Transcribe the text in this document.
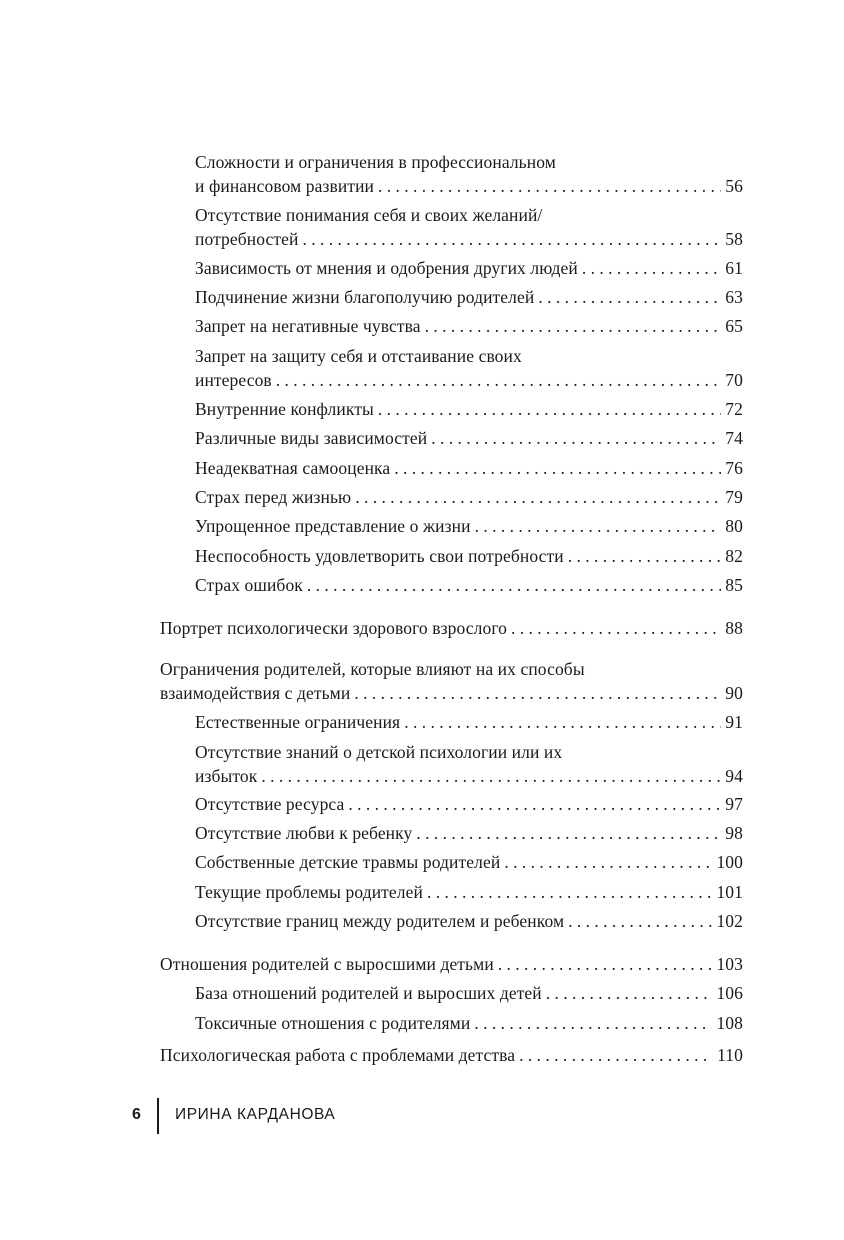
Сложности и ограничения в профессиональном
и финансовом развитии . . .	56
Отсутствие понимания себя и своих желаний/
потребностей . . .	58
Зависимость от мнения и одобрения других людей . . .	61
Подчинение жизни благополучию родителей . . .	63
Запрет на негативные чувства . . .	65
Запрет на защиту себя и отстаивание своих
интересов . . .	70
Внутренние конфликты . . .	72
Различные виды зависимостей . . .	74
Неадекватная самооценка . . .	76
Страх перед жизнью . . .	79
Упрощенное представление о жизни . . .	80
Неспособность удовлетворить свои потребности . . .	82
Страх ошибок . . .	85
Портрет психологически здорового взрослого . . .	88
Ограничения родителей, которые влияют на их способы
взаимодействия с детьми . . .	90
Естественные ограничения . . .	91
Отсутствие знаний о детской психологии или их
избыток . . .	94
Отсутствие ресурса . . .	97
Отсутствие любви к ребенку . . .	98
Собственные детские травмы родителей . . .	100
Текущие проблемы родителей . . .	101
Отсутствие границ между родителем и ребенком . . .	102
Отношения родителей с выросшими детьми . . .	103
База отношений родителей и выросших детей . . .	106
Токсичные отношения с родителями . . .	108
Психологическая работа с проблемами детства . . .	110
6 ИРИНА КАРДАНОВА
